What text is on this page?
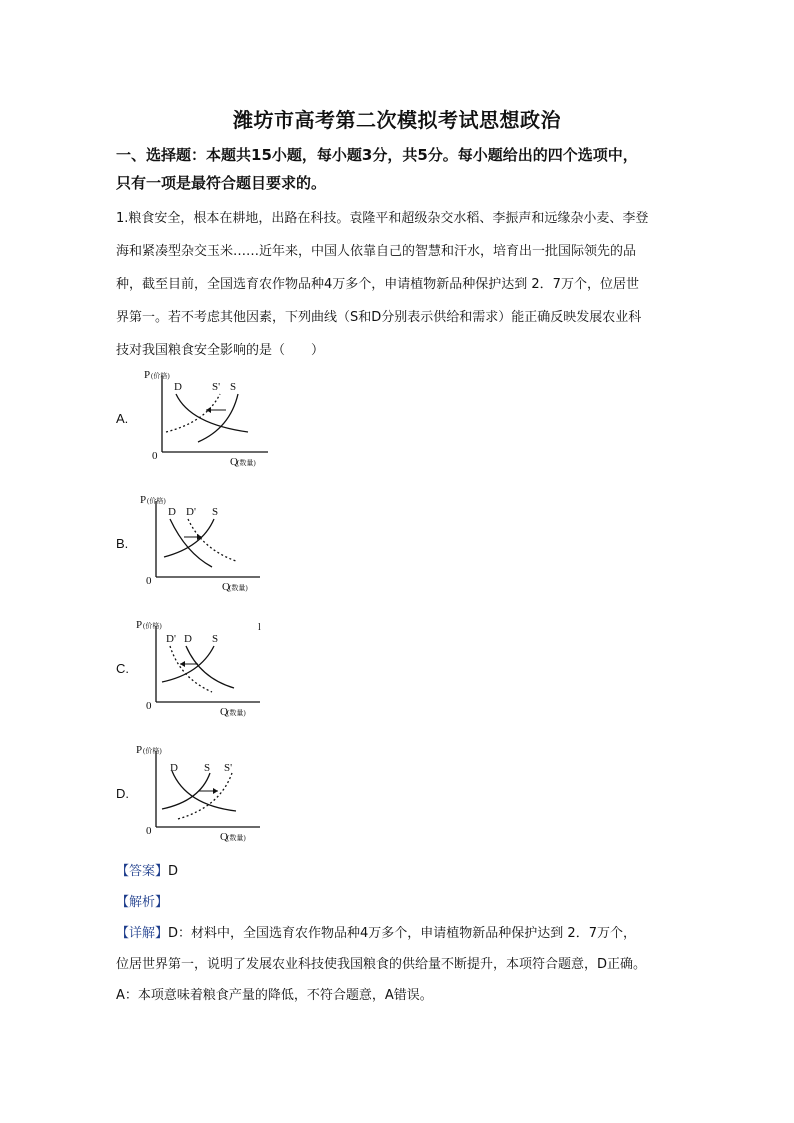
潍坊市高考第二次模拟考试思想政治
一、选择题：本题共15小题，每小题3分，共5分。每小题给出的四个选项中，
只有一项是最符合题目要求的。
1.粮食安全，根本在耕地，出路在科技。袁隆平和超级杂交水稻、李振声和远缘杂小麦、李登
海和紧凑型杂交玉米……近年来，中国人依靠自己的智慧和汗水，培育出一批国际领先的品
种，截至目前，全国选育农作物品种4万多个，申请植物新品种保护达到 2．7万个，位居世
界第一。若不考虑其他因素，下列曲线（S和D分别表示供给和需求）能正确反映发展农业科
技对我国粮食安全影响的是（　　）
A.
P (价格)
0	Q (数量)
D	S' S
B.
P (价格)
0	Q (数量)
D D' S
C.
P (价格)
0	Q (数量)
D' D S
l
D.
P (价格)
0	Q (数量)
D S S'
【答案】D
【解析】
【详解】D：材料中，全国选育农作物品种4万多个，申请植物新品种保护达到 2．7万个，
位居世界第一，说明了发展农业科技使我国粮食的供给量不断提升，本项符合题意，D正确。
A：本项意味着粮食产量的降低，不符合题意，A错误。
